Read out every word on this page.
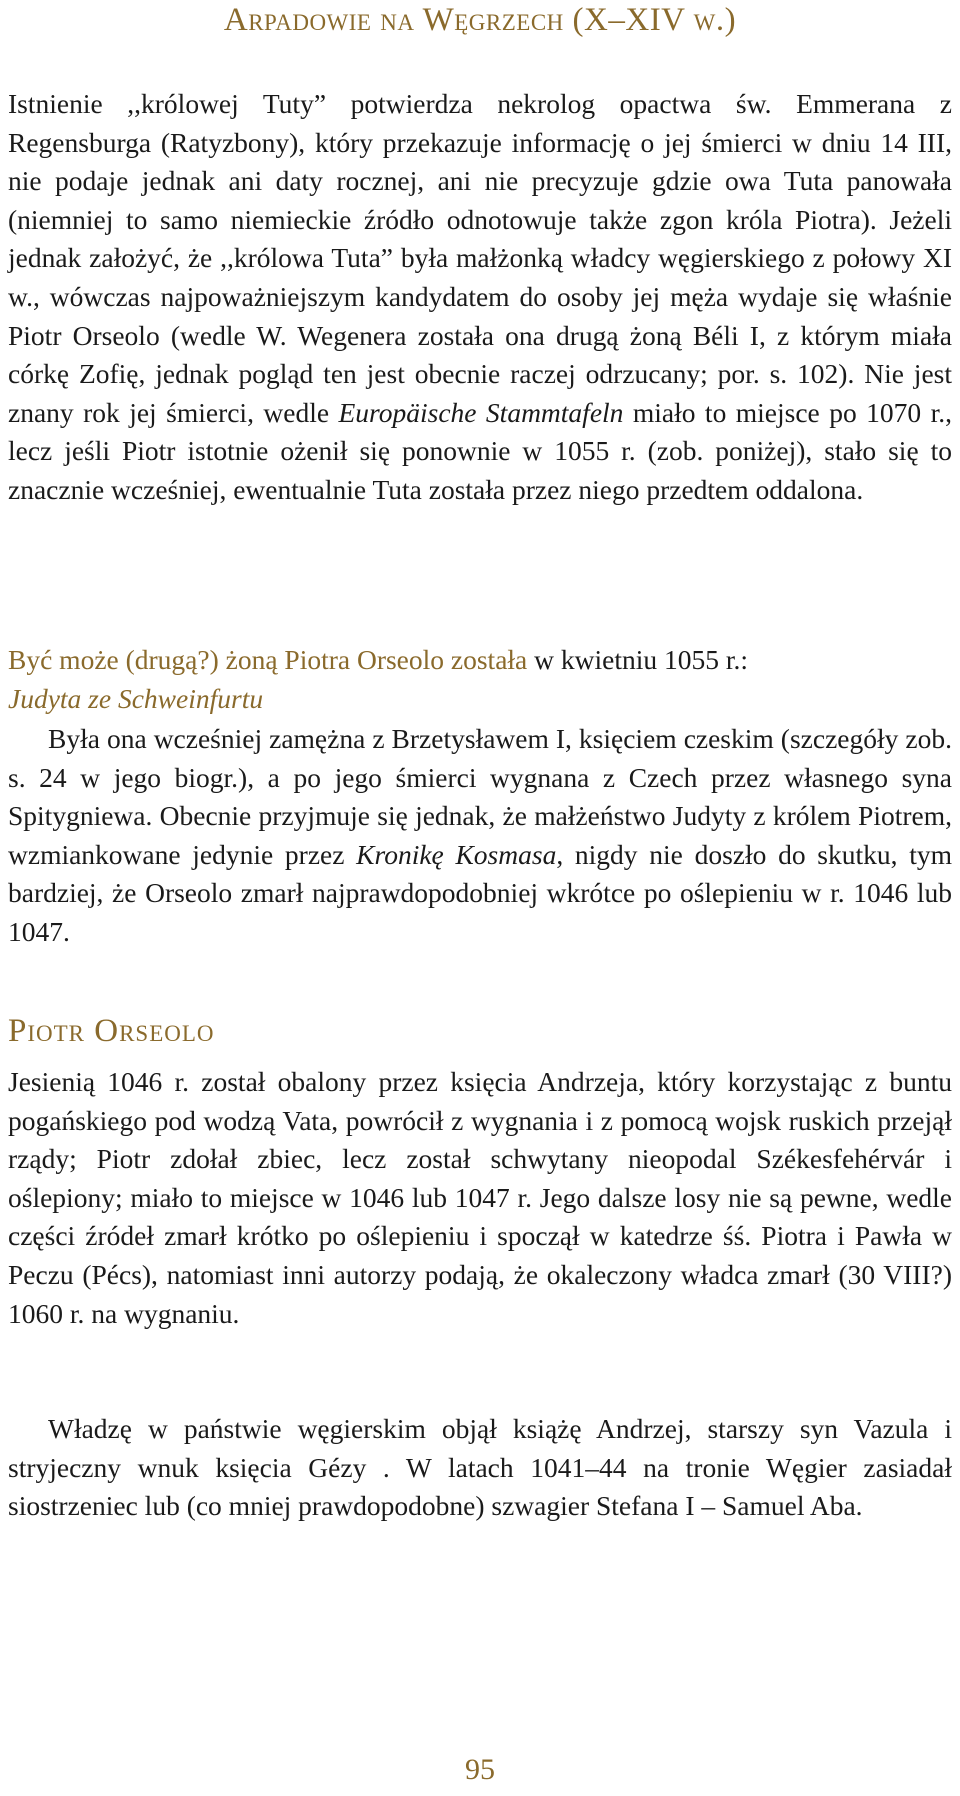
Arpadowie na Węgrzech (X–XIV w.)

Istnienie ,,królowej Tuty” potwierdza nekrolog opactwa św. Emmerana z Regensburga (Ratyzbony), który przekazuje informację o jej śmierci w dniu 14 III, nie podaje jednak ani daty rocznej, ani nie precyzuje gdzie owa Tuta panowała (niemniej to samo niemieckie źródło odnotowuje także zgon króla Piotra). Jeżeli jednak założyć, że ,,królowa Tuta” była małżonką władcy węgierskiego z połowy XI w., wówczas najpoważniejszym kandydatem do osoby jej męża wydaje się właśnie Piotr Orseolo (wedle W. Wegenera została ona drugą żoną Béli I, z którym miała córkę Zofię, jednak pogląd ten jest obecnie raczej odrzucany; por. s. 102). Nie jest znany rok jej śmierci, wedle Europäische Stammtafeln miało to miejsce po 1070 r., lecz jeśli Piotr istotnie ożenił się ponownie w 1055 r. (zob. poniżej), stało się to znacznie wcześniej, ewentualnie Tuta została przez niego przedtem oddalona.

Być może (drugą?) żoną Piotra Orseolo została w kwietniu 1055 r.:
Judyta ze Schweinfurtu

Była ona wcześniej zamężna z Brzetysławem I, księciem czeskim (szczegóły zob. s. 24 w jego biogr.), a po jego śmierci wygnana z Czech przez własnego syna Spitygniewa. Obecnie przyjmuje się jednak, że małżeństwo Judyty z królem Piotrem, wzmiankowane jedynie przez Kronikę Kosmasa, nigdy nie doszło do skutku, tym bardziej, że Orseolo zmarł najprawdopodobniej wkrótce po oślepieniu w r. 1046 lub 1047.

Piotr Orseolo

Jesienią 1046 r. został obalony przez księcia Andrzeja, który korzystając z buntu pogańskiego pod wodzą Vata, powrócił z wygnania i z pomocą wojsk ruskich przejął rządy; Piotr zdołał zbiec, lecz został schwytany nieopodal Székesfehérvár i oślepiony; miało to miejsce w 1046 lub 1047 r. Jego dalsze losy nie są pewne, wedle części źródeł zmarł krótko po oślepieniu i spoczął w katedrze śś. Piotra i Pawła w Peczu (Pécs), natomiast inni autorzy podają, że okaleczony władca zmarł (30 VIII?) 1060 r. na wygnaniu.

Władzę w państwie węgierskim objął książę Andrzej, starszy syn Vazula i stryjeczny wnuk księcia Gézy . W latach 1041–44 na tronie Węgier zasiadał siostrzeniec lub (co mniej prawdopodobne) szwagier Stefana I – Samuel Aba.

95
